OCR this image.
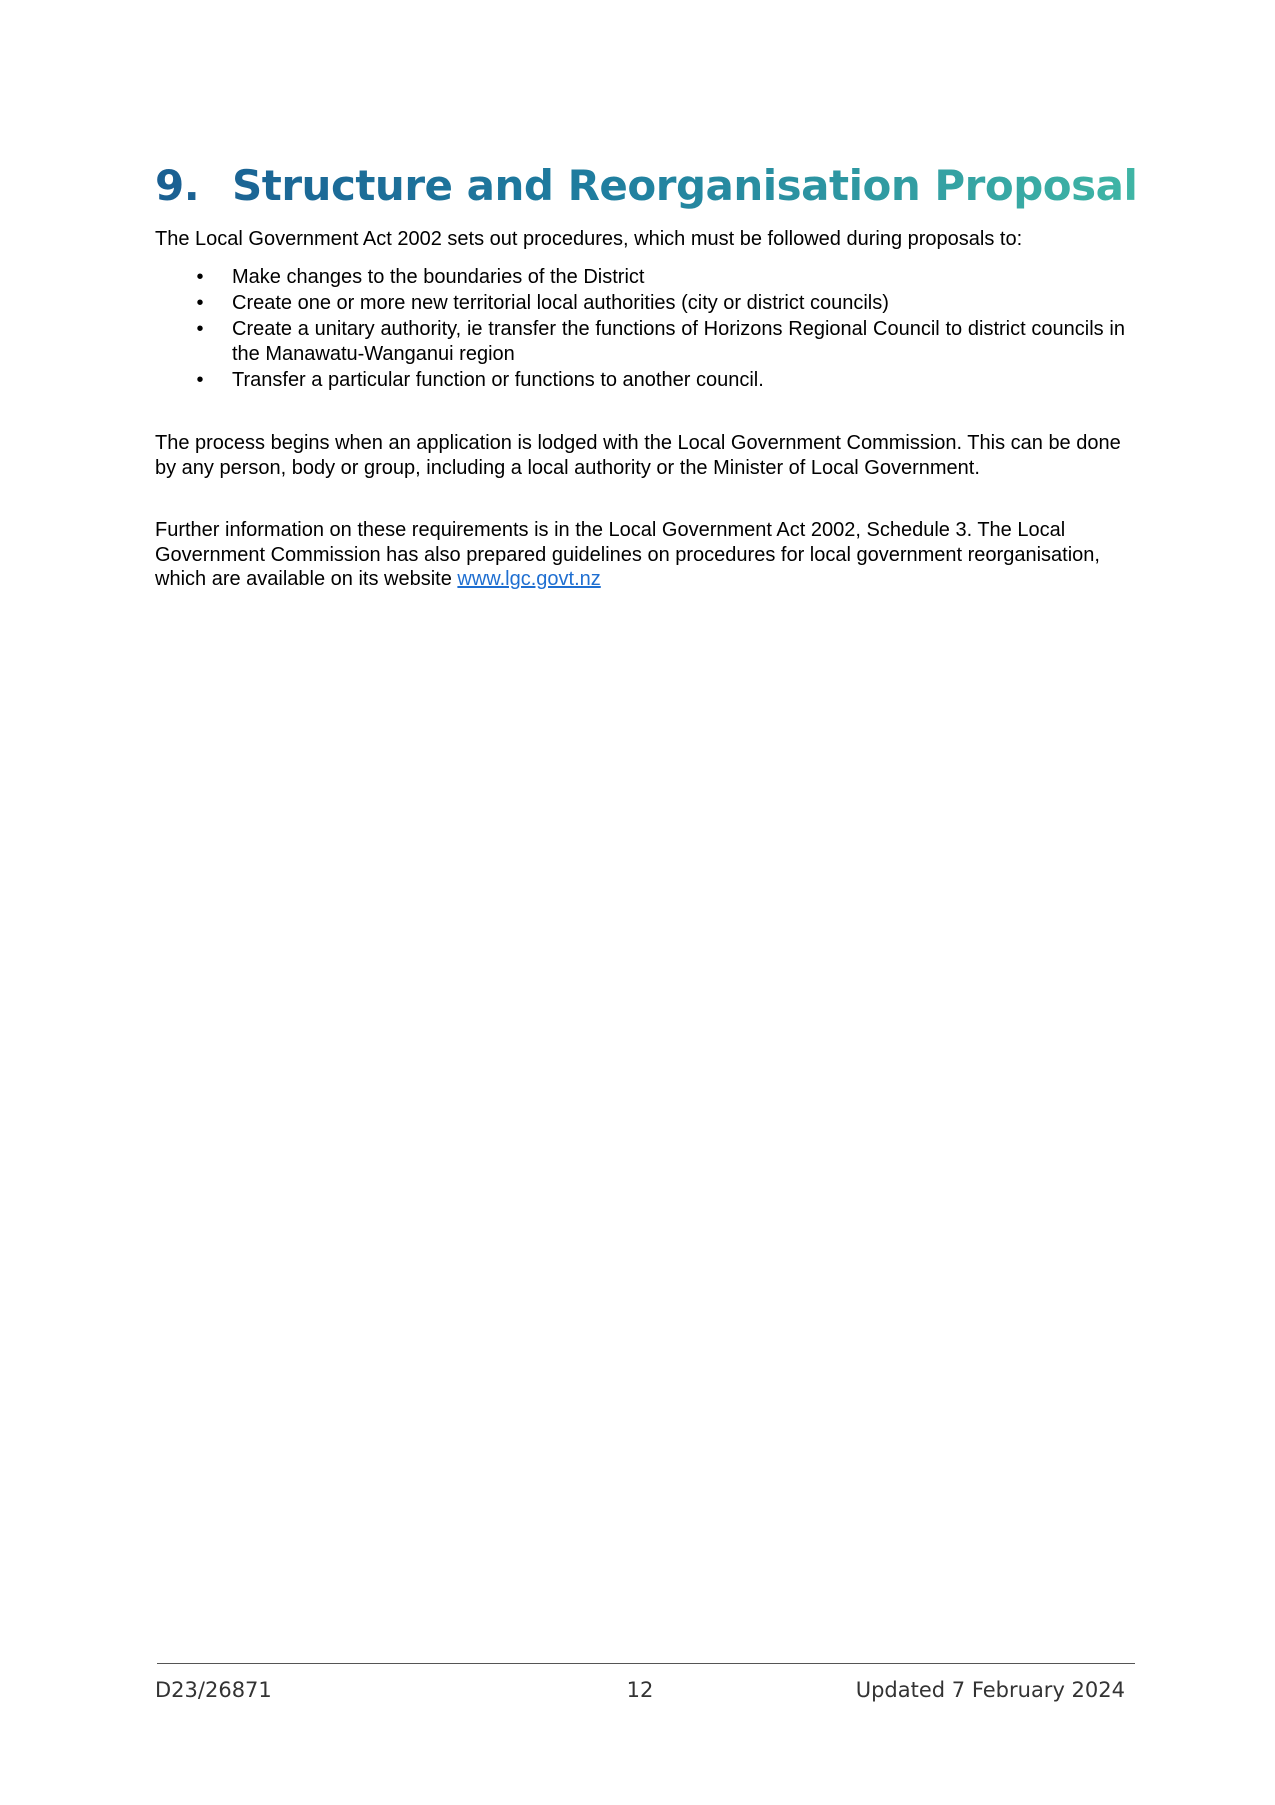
9. Structure and Reorganisation Proposals

The Local Government Act 2002 sets out procedures, which must be followed during proposals to:

• Make changes to the boundaries of the District
• Create one or more new territorial local authorities (city or district councils)
• Create a unitary authority, ie transfer the functions of Horizons Regional Council to district councils in the Manawatu-Wanganui region
• Transfer a particular function or functions to another council.

The process begins when an application is lodged with the Local Government Commission. This can be done by any person, body or group, including a local authority or the Minister of Local Government.

Further information on these requirements is in the Local Government Act 2002, Schedule 3. The Local Government Commission has also prepared guidelines on procedures for local government reorganisation, which are available on its website www.lgc.govt.nz

D23/26871	12	Updated 7 February 2024
